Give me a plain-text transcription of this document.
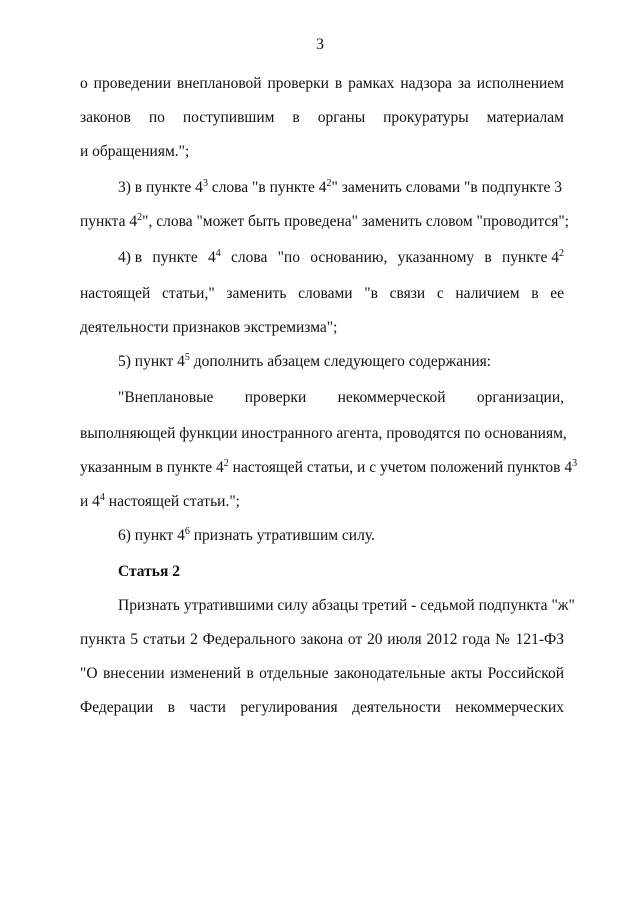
3
о проведении внеплановой проверки в рамках надзора за исполнением
законов по поступившим в органы прокуратуры материалам
и обращениям.";
3) в пункте $4^3$ слова "в пункте $4^2$" заменить словами "в подпункте 3
пункта $4^2$", слова "может быть проведена" заменить словом "проводится";
4) в пункте $4^4$ слова "по основанию, указанному в пункте $4^2$
настоящей статьи," заменить словами "в связи с наличием в ее
деятельности признаков экстремизма";
5) пункт $4^5$ дополнить абзацем следующего содержания:
"Внеплановые проверки некоммерческой организации,
выполняющей функции иностранного агента, проводятся по основаниям,
указанным в пункте $4^2$ настоящей статьи, и с учетом положений пунктов $4^3$
и $4^4$ настоящей статьи.";
6) пункт $4^6$ признать утратившим силу.
Статья 2
Признать утратившими силу абзацы третий - седьмой подпункта "ж"
пункта 5 статьи 2 Федерального закона от 20 июля 2012 года № 121-ФЗ
"О внесении изменений в отдельные законодательные акты Российской
Федерации в части регулирования деятельности некоммерческих
